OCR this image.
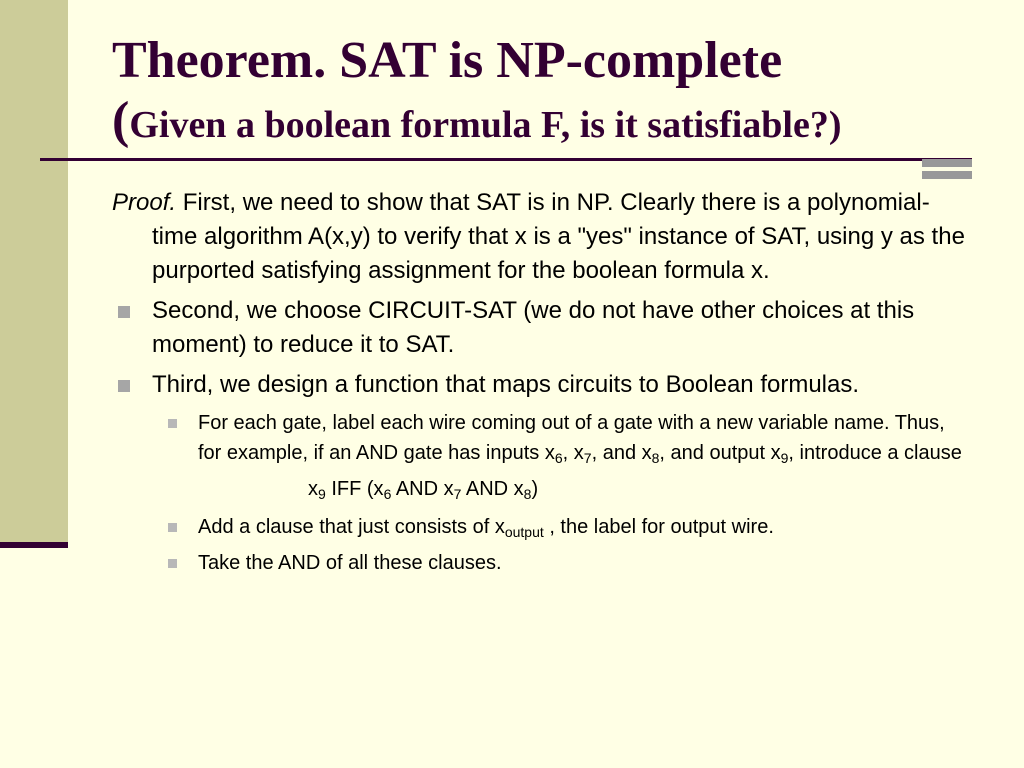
Theorem. SAT is NP-complete
(Given a boolean formula F, is it satisfiable?)
Proof. First, we need to show that SAT is in NP. Clearly there is a polynomial-time algorithm A(x,y) to verify that x is a "yes" instance of SAT, using y as the purported satisfying assignment for the boolean formula x.
Second, we choose CIRCUIT-SAT (we do not have other choices at this moment) to reduce it to SAT.
Third, we design a function that maps circuits to Boolean formulas.
For each gate, label each wire coming out of a gate with a new variable name. Thus, for example, if an AND gate has inputs $x_6$, $x_7$, and $x_8$, and output $x_9$, introduce a clause
$x_9$ IFF ($x_6$ AND $x_7$ AND $x_8$)
Add a clause that just consists of $x_{output}$ , the label for output wire.
Take the AND of all these clauses.
